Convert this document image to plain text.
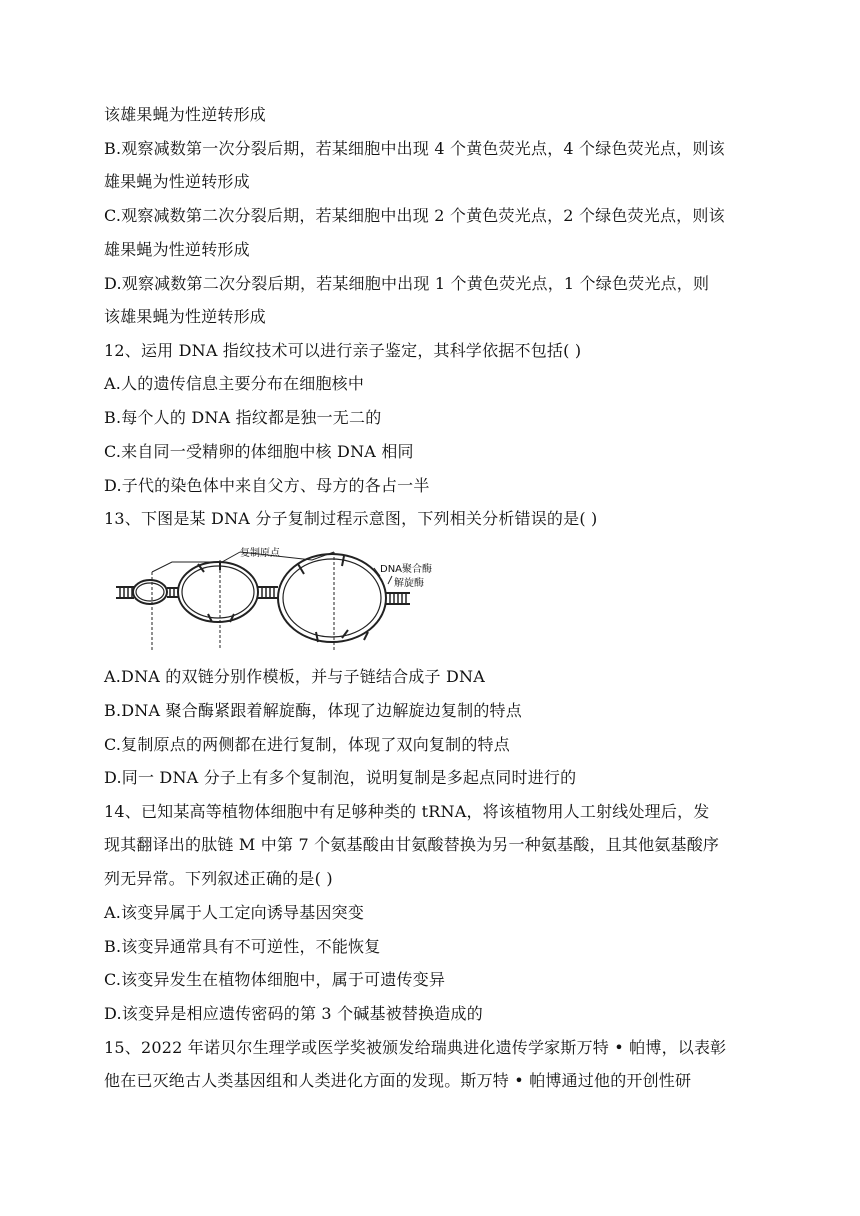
该雄果蝇为性逆转形成
B.观察减数第一次分裂后期，若某细胞中出现 4 个黄色荧光点，4 个绿色荧光点，则该
雄果蝇为性逆转形成
C.观察减数第二次分裂后期，若某细胞中出现 2 个黄色荧光点，2 个绿色荧光点，则该
雄果蝇为性逆转形成
D.观察减数第二次分裂后期，若某细胞中出现 1 个黄色荧光点，1 个绿色荧光点，则
该雄果蝇为性逆转形成
12、运用 DNA 指纹技术可以进行亲子鉴定，其科学依据不包括( )
A.人的遗传信息主要分布在细胞核中
B.每个人的 DNA 指纹都是独一无二的
C.来自同一受精卵的体细胞中核 DNA 相同
D.子代的染色体中来自父方、母方的各占一半
13、下图是某 DNA 分子复制过程示意图，下列相关分析错误的是( )
复制原点
DNA聚合酶
解旋酶
A.DNA 的双链分别作模板，并与子链结合成子 DNA
B.DNA 聚合酶紧跟着解旋酶，体现了边解旋边复制的特点
C.复制原点的两侧都在进行复制，体现了双向复制的特点
D.同一 DNA 分子上有多个复制泡，说明复制是多起点同时进行的
14、已知某高等植物体细胞中有足够种类的 tRNA，将该植物用人工射线处理后，发
现其翻译出的肽链 M 中第 7 个氨基酸由甘氨酸替换为另一种氨基酸，且其他氨基酸序
列无异常。下列叙述正确的是( )
A.该变异属于人工定向诱导基因突变
B.该变异通常具有不可逆性，不能恢复
C.该变异发生在植物体细胞中，属于可遗传变异
D.该变异是相应遗传密码的第 3 个碱基被替换造成的
15、2022 年诺贝尔生理学或医学奖被颁发给瑞典进化遗传学家斯万特 • 帕博，以表彰
他在已灭绝古人类基因组和人类进化方面的发现。斯万特 • 帕博通过他的开创性研
